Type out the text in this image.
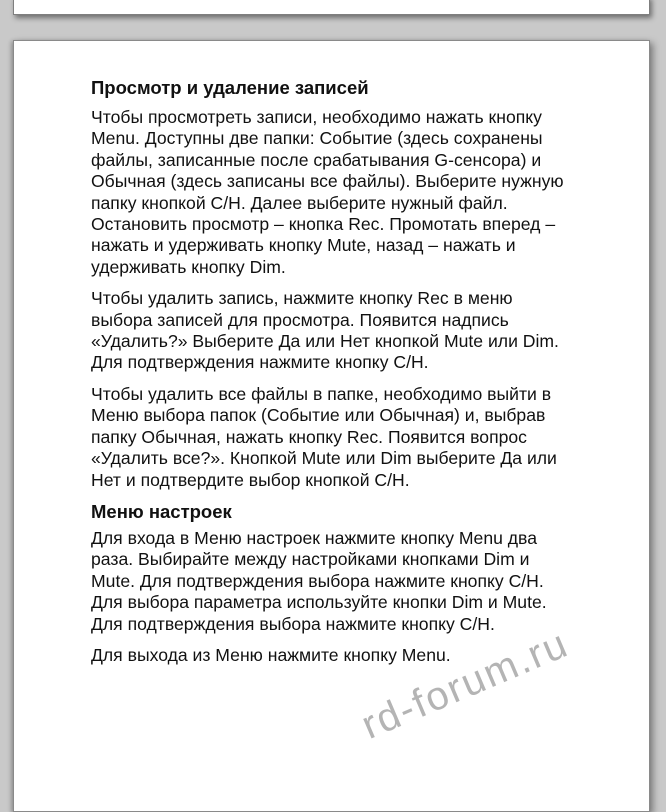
Просмотр и удаление записей
Чтобы просмотреть записи, необходимо нажать кнопку
Menu. Доступны две папки: Событие (здесь сохранены
файлы, записанные после срабатывания G-сенсора) и
Обычная (здесь записаны все файлы). Выберите нужную
папку кнопкой C/H. Далее выберите нужный файл.
Остановить просмотр – кнопка Rec. Промотать вперед –
нажать и удерживать кнопку Mute, назад – нажать и
удерживать кнопку Dim.
Чтобы удалить запись, нажмите кнопку Rec в меню
выбора записей для просмотра. Появится надпись
«Удалить?» Выберите Да или Нет кнопкой Mute или Dim.
Для подтверждения нажмите кнопку C/H.
Чтобы удалить все файлы в папке, необходимо выйти в
Меню выбора папок (Событие или Обычная) и, выбрав
папку Обычная, нажать кнопку Rec. Появится вопрос
«Удалить все?». Кнопкой Mute или Dim выберите Да или
Нет и подтвердите выбор кнопкой C/H.
Меню настроек
Для входа в Меню настроек нажмите кнопку Menu два
раза. Выбирайте между настройками кнопками Dim и
Mute. Для подтверждения выбора нажмите кнопку C/H.
Для выбора параметра используйте кнопки Dim и Mute.
Для подтверждения выбора нажмите кнопку C/H.
Для выхода из Меню нажмите кнопку Menu.
rd-forum.ru
